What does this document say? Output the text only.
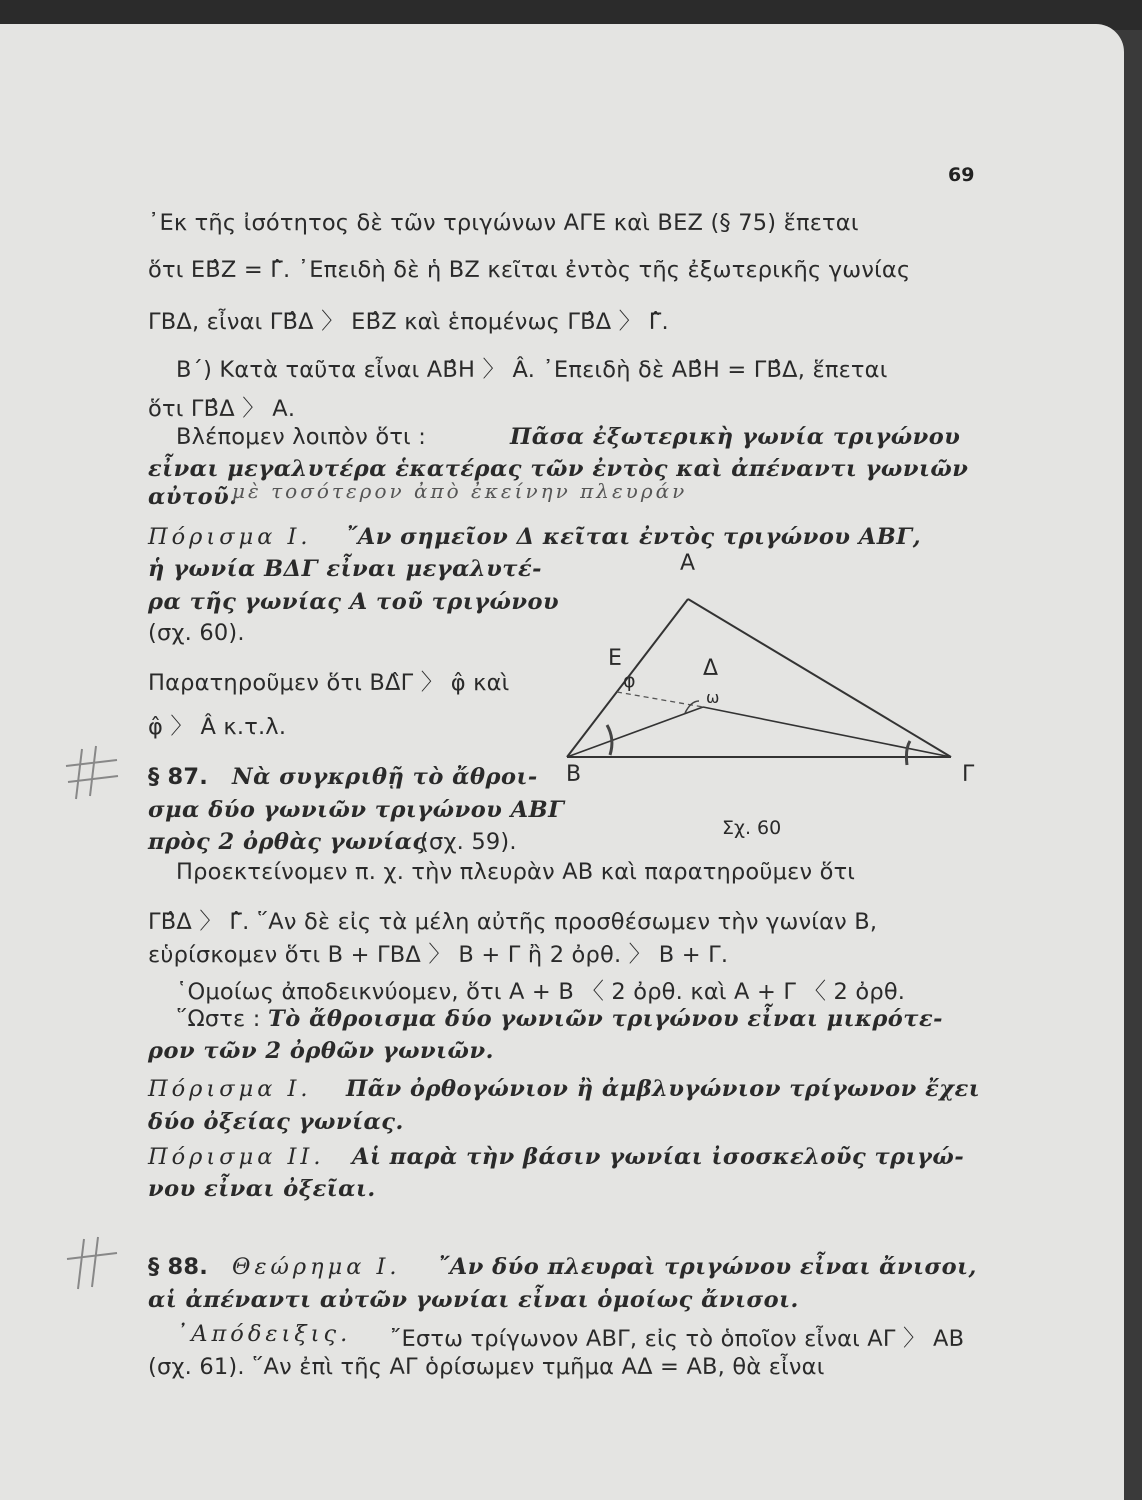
69
᾿Εκ τῆς ἰσότητος δὲ τῶν τριγώνων ΑΓΕ καὶ ΒΕΖ (§ 75) ἕπεται
ὅτι ΕΒ̂Ζ = Γ̂. ᾿Επειδὴ δὲ ἡ ΒΖ κεῖται ἐντὸς τῆς ἐξωτερικῆς γωνίας
ΓΒΔ, εἶναι ΓΒ̂Δ 〉 ΕΒ̂Ζ καὶ ἑπομένως ΓΒ̂Δ 〉 Γ̂.
Β΄) Κατὰ ταῦτα εἶναι ΑΒ̂Η 〉 Â. ᾿Επειδὴ δὲ ΑΒ̂Η = ΓΒ̂Δ, ἕπεται
ὅτι ΓΒ̂Δ 〉 Α.
Βλέπομεν λοιπὸν ὅτι :	Πᾶσα ἐξωτερικὴ γωνία τριγώνου
εἶναι μεγαλυτέρα ἑκατέρας τῶν ἐντὸς καὶ ἀπέναντι γωνιῶν
αὐτοῦ.
μὲ τοσότερον ἀπὸ ἐκείνην πλευράν
Πόρισμα Ι. ῎Αν σημεῖον Δ κεῖται ἐντὸς τριγώνου ΑΒΓ,
ἡ γωνία ΒΔΓ εἶναι μεγαλυτέ-
ρα τῆς γωνίας Α τοῦ τριγώνου
(σχ. 60).
Παρατηροῦμεν ὅτι ΒΔ̂Γ 〉 φ̂ καὶ
φ̂ 〉 Â κ.τ.λ.
§ 87. Νὰ συγκριθῇ τὸ ἄθροι-
σμα δύο γωνιῶν τριγώνου ΑΒΓ
πρὸς 2 ὀρθὰς γωνίας
(σχ. 59).
Α
Β	Γ
Ε	Δ
φ
ω
Σχ. 60
Προεκτείνομεν π. χ. τὴν πλευρὰν ΑΒ καὶ παρατηροῦμεν ὅτι
ΓΒ̂Δ 〉 Γ̂. ῞Αν δὲ εἰς τὰ μέλη αὐτῆς προσθέσωμεν τὴν γωνίαν Β,
εὑρίσκομεν ὅτι Β + ΓΒΔ 〉 Β + Γ ἢ 2 ὀρθ. 〉 Β + Γ.
῾Ομοίως ἀποδεικνύομεν, ὅτι Α + Β 〈 2 ὀρθ. καὶ Α + Γ 〈 2 ὀρθ.
῞Ωστε : Τὸ ἄθροισμα δύο γωνιῶν τριγώνου εἶναι μικρότε-
ρον τῶν 2 ὀρθῶν γωνιῶν.
Πόρισμα Ι. Πᾶν ὀρθογώνιον ἢ ἀμβλυγώνιον τρίγωνον ἔχει
δύο ὀξείας γωνίας.
Πόρισμα ΙΙ. Αἱ παρὰ τὴν βάσιν γωνίαι ἰσοσκελοῦς τριγώ-
νου εἶναι ὀξεῖαι.
§ 88. Θεώρημα Ι. ῎Αν δύο πλευραὶ τριγώνου εἶναι ἄνισοι,
αἱ ἀπέναντι αὐτῶν γωνίαι εἶναι ὁμοίως ἄνισοι.
᾿Απόδειξις. ῎Εστω τρίγωνον ΑΒΓ, εἰς τὸ ὁποῖον εἶναι ΑΓ 〉 ΑΒ
(σχ. 61). ῞Αν ἐπὶ τῆς ΑΓ ὁρίσωμεν τμῆμα ΑΔ = ΑΒ, θὰ εἶναι
